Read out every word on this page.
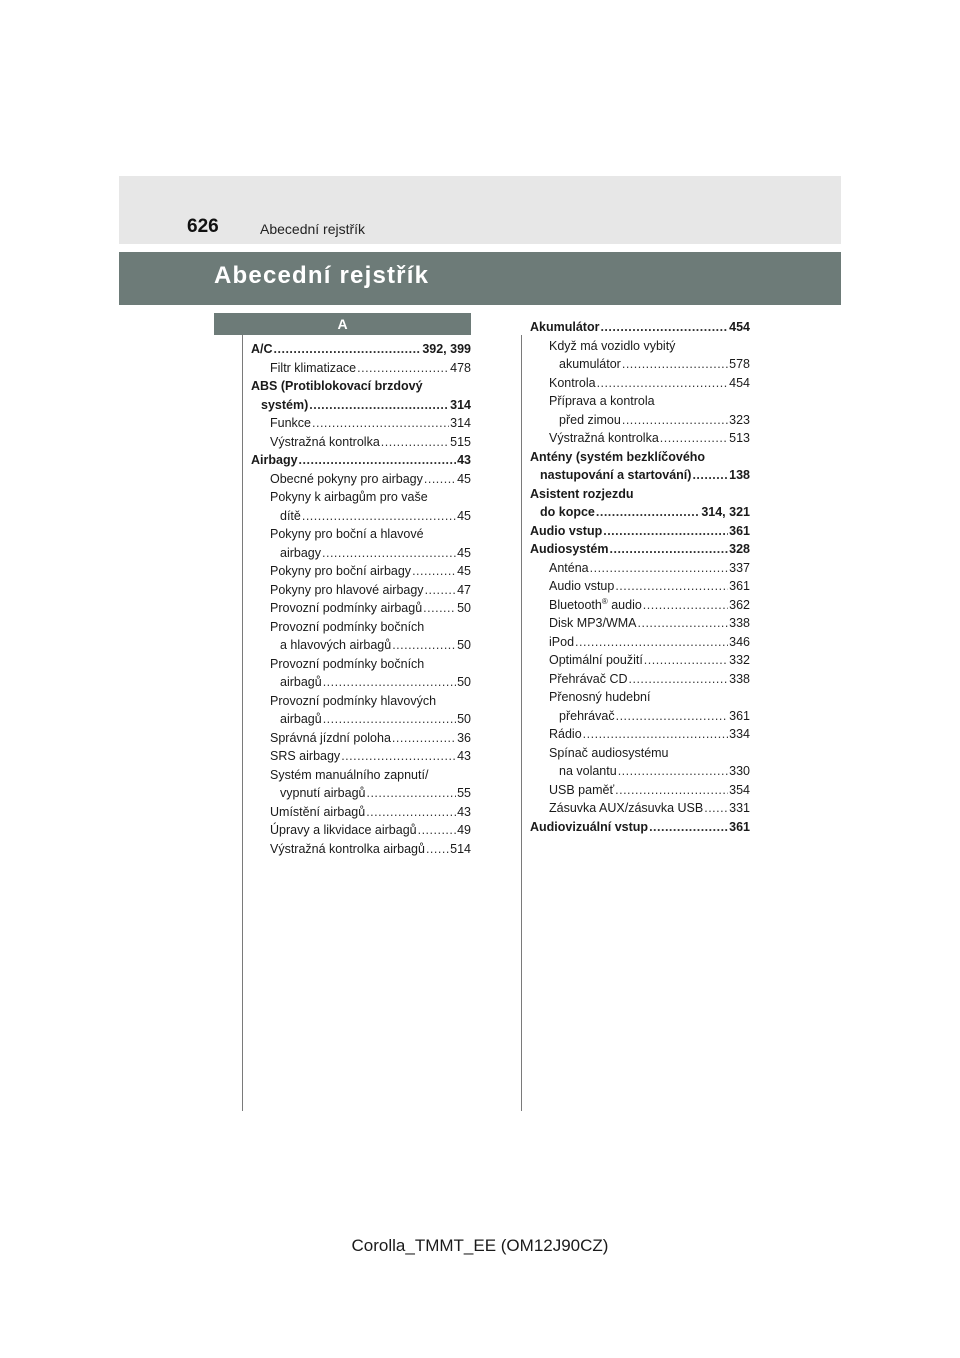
626	Abecední rejstřík
Abecední rejstřík
A
A/C .....	392, 399
Filtr klimatizace .....	478
ABS (Protiblokovací brzdový
systém) .....	314
Funkce .....	314
Výstražná kontrolka .....	515
Airbagy .....	43
Obecné pokyny pro airbagy .....	45
Pokyny k airbagům pro vaše
dítě .....	45
Pokyny pro boční a hlavové
airbagy .....	45
Pokyny pro boční airbagy .....	45
Pokyny pro hlavové airbagy .....	47
Provozní podmínky airbagů .....	50
Provozní podmínky bočních
a hlavových airbagů .....	50
Provozní podmínky bočních
airbagů .....	50
Provozní podmínky hlavových
airbagů .....	50
Správná jízdní poloha .....	36
SRS airbagy .....	43
Systém manuálního zapnutí/
vypnutí airbagů .....	55
Umístění airbagů .....	43
Úpravy a likvidace airbagů .....	49
Výstražná kontrolka airbagů ..... 514
Akumulátor .....	454
Když má vozidlo vybitý
akumulátor .....	578
Kontrola .....	454
Příprava a kontrola
před zimou .....	323
Výstražná kontrolka .....	513
Antény (systém bezklíčového
nastupování a startování) .....	138
Asistent rozjezdu
do kopce .....	314, 321
Audio vstup .....	361
Audiosystém .....	328
Anténa .....	337
Audio vstup .....	361
Bluetooth® audio .....	362
Disk MP3/WMA .....	338
iPod .....	346
Optimální použití .....	332
Přehrávač CD .....	338
Přenosný hudební
přehrávač .....	361
Rádio .....	334
Spínač audiosystému
na volantu .....	330
USB paměť .....	354
Zásuvka AUX/zásuvka USB ..... 331
Audiovizuální vstup .....	361
Corolla_TMMT_EE (OM12J90CZ)
